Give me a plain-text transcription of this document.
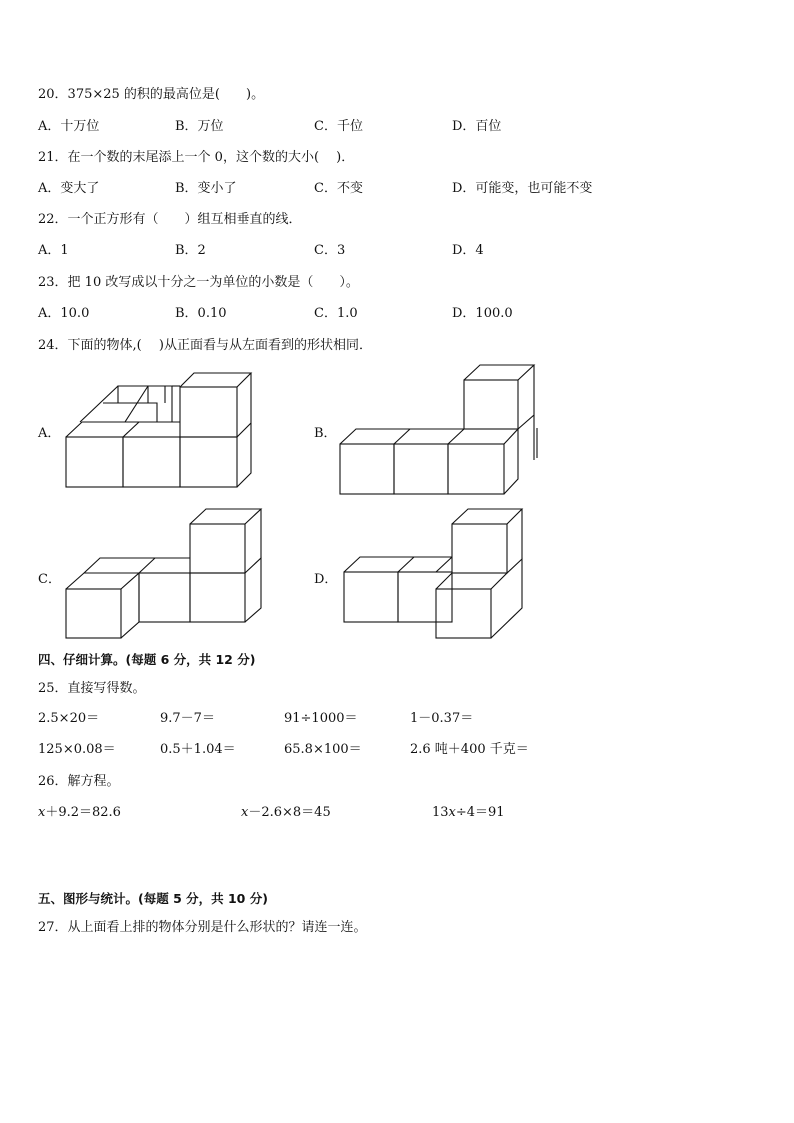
20．375×25 的积的最高位是(　　)。
A．十万位	B．万位	C．千位	D．百位
21．在一个数的末尾添上一个 0，这个数的大小(　 )．
A．变大了	B．变小了	C．不变	D．可能变，也可能不变
22．一个正方形有（　　）组互相垂直的线．
A．1	B．2	C．3	D．4
23．把 10 改写成以十分之一为单位的小数是（　　）。
A．10.0	B．0.10	C．1.0	D．100.0
24．下面的物体,(　 )从正面看与从左面看到的形状相同．
A．	B．
C．	D．
四、仔细计算。(每题 6 分，共 12 分)
25．直接写得数。
2.5×20＝	9.7－7＝	91÷1000＝	1－0.37＝
125×0.08＝	0.5＋1.04＝	65.8×100＝	2.6 吨＋400 千克＝
26．解方程。
𝑥＋9.2＝82.6	𝑥－2.6×8＝45	13𝑥÷4＝91
五、图形与统计。(每题 5 分，共 10 分)
27．从上面看上排的物体分别是什么形状的？请连一连。
